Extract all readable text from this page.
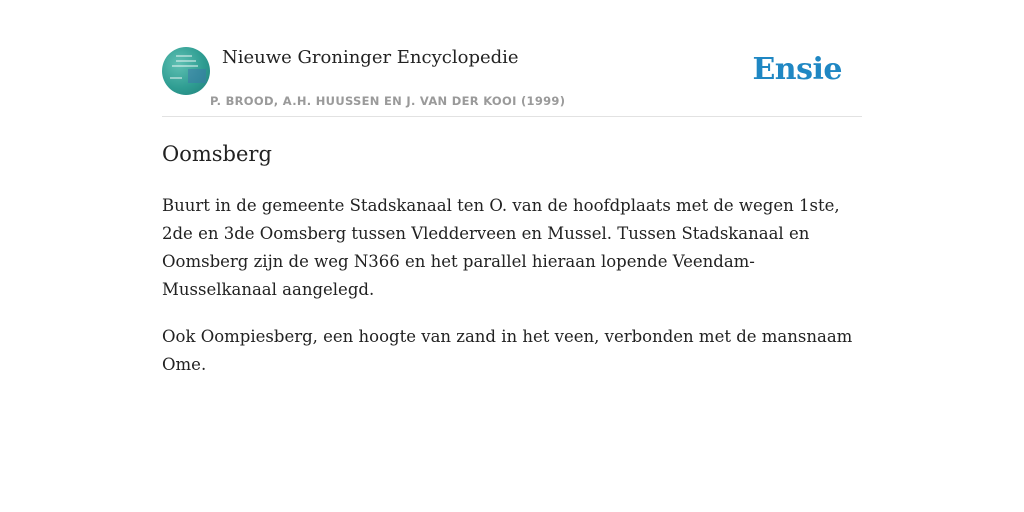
Nieuwe Groninger Encyclopedie
P. BROOD, A.H. HUUSSEN EN J. VAN DER KOOI (1999)
Ensie
Oomsberg

Buurt in de gemeente Stadskanaal ten O. van de hoofdplaats met de wegen 1ste, 2de en 3de Oomsberg tussen Vledderveen en Mussel. Tussen Stadskanaal en Oomsberg zijn de weg N366 en het parallel hieraan lopende Veendam-Musselkanaal aangelegd.

Ook Oompiesberg, een hoogte van zand in het veen, verbonden met de mansnaam Ome.
